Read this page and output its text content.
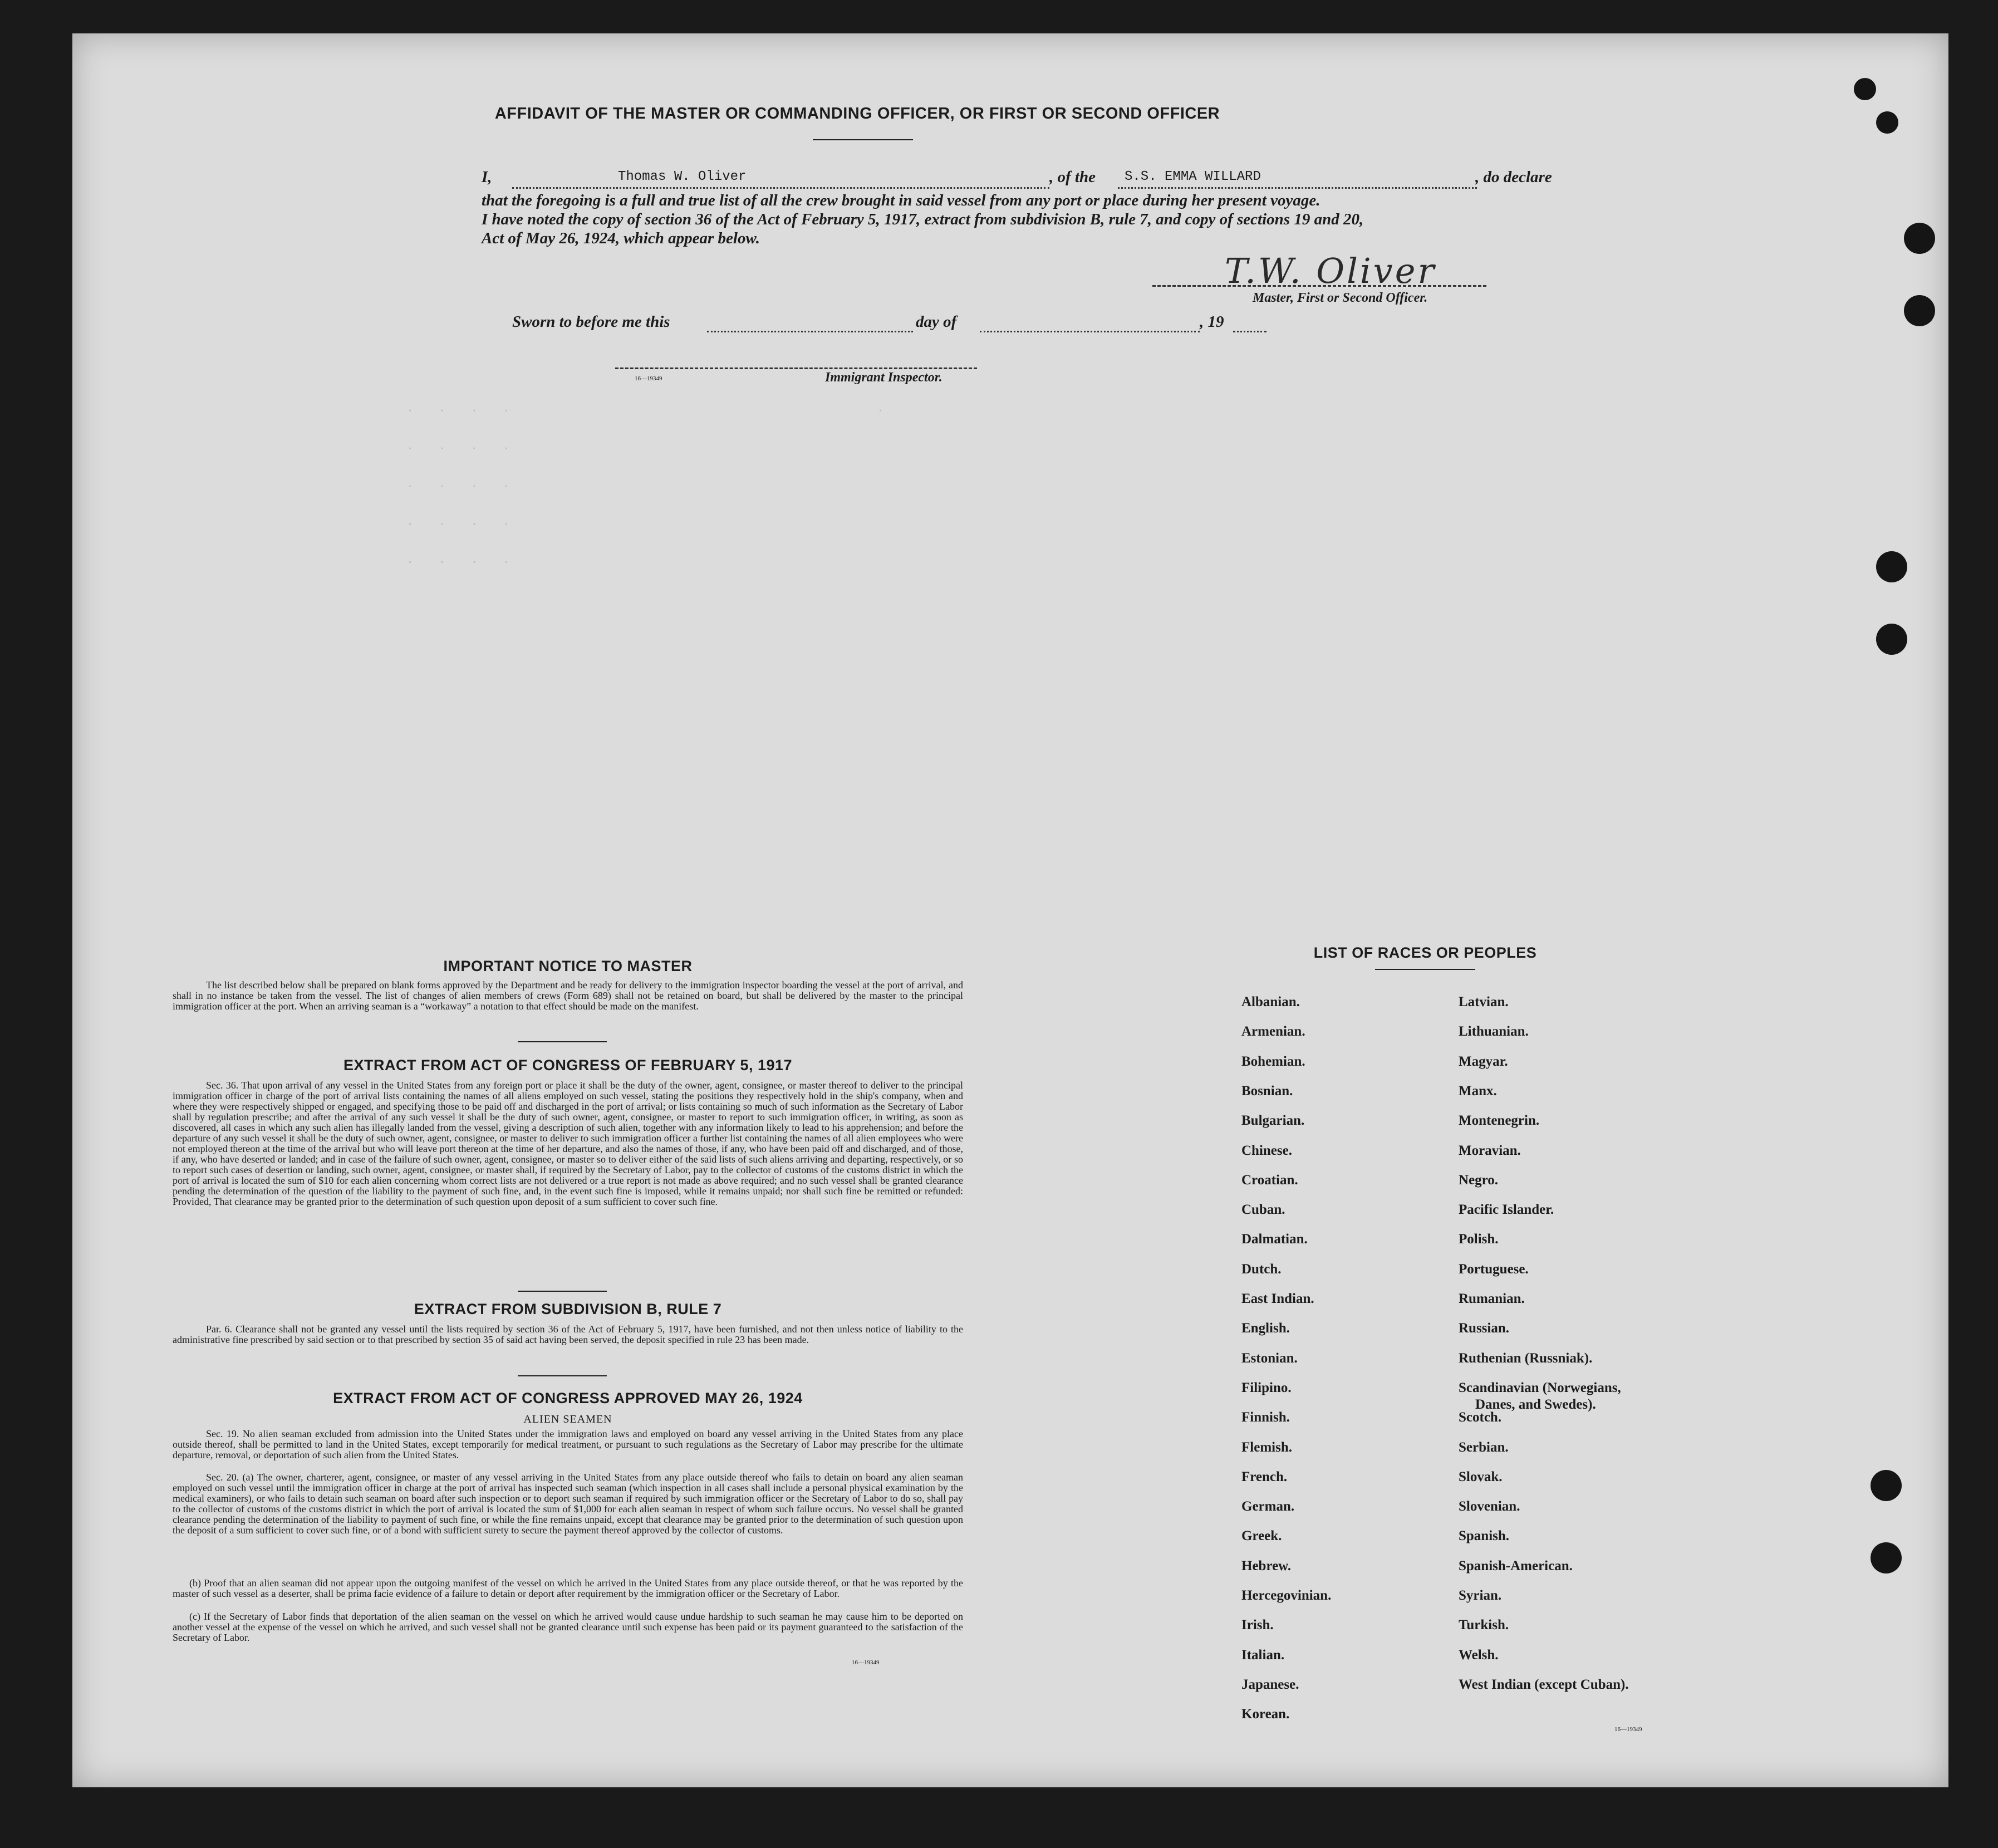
AFFIDAVIT OF THE MASTER OR COMMANDING OFFICER, OR FIRST OR SECOND OFFICER
I,	Thomas W. Oliver	, of the S.S. EMMA WILLARD	, do declare
that the foregoing is a full and true list of all the crew brought in said vessel from any port or place during her present voyage.
I have noted the copy of section 36 of the Act of February 5, 1917, extract from subdivision B, rule 7, and copy of sections 19 and 20,
Act of May 26, 1924, which appear below.
T.W. Oliver
Master, First or Second Officer.
Sworn to before me this	day of	, 19
16—19349	Immigrant Inspector.
.  .  .  .                                  .
.  .  .  .
.  .  .  .
.  .  .  .
.  .  .  .
IMPORTANT NOTICE TO MASTER
The list described below shall be prepared on blank forms approved by the Department and be ready for delivery to the immigration inspector boarding the vessel at the port of arrival, and shall in no instance be taken from the vessel. The list of changes of alien members of crews (Form 689) shall not be retained on board, but shall be delivered by the master to the principal immigration officer at the port. When an arriving seaman is a “workaway” a notation to that effect should be made on the manifest.
EXTRACT FROM ACT OF CONGRESS OF FEBRUARY 5, 1917
Sec. 36. That upon arrival of any vessel in the United States from any foreign port or place it shall be the duty of the owner, agent, consignee, or master thereof to deliver to the principal immigration officer in charge of the port of arrival lists containing the names of all aliens employed on such vessel, stating the positions they respectively hold in the ship's company, when and where they were respectively shipped or engaged, and specifying those to be paid off and discharged in the port of arrival; or lists containing so much of such information as the Secretary of Labor shall by regulation prescribe; and after the arrival of any such vessel it shall be the duty of such owner, agent, consignee, or master to report to such immigration officer, in writing, as soon as discovered, all cases in which any such alien has illegally landed from the vessel, giving a description of such alien, together with any information likely to lead to his apprehension; and before the departure of any such vessel it shall be the duty of such owner, agent, consignee, or master to deliver to such immigration officer a further list containing the names of all alien employees who were not employed thereon at the time of the arrival but who will leave port thereon at the time of her departure, and also the names of those, if any, who have been paid off and discharged, and of those, if any, who have deserted or landed; and in case of the failure of such owner, agent, consignee, or master so to deliver either of the said lists of such aliens arriving and departing, respectively, or so to report such cases of desertion or landing, such owner, agent, consignee, or master shall, if required by the Secretary of Labor, pay to the collector of customs of the customs district in which the port of arrival is located the sum of $10 for each alien concerning whom correct lists are not delivered or a true report is not made as above required; and no such vessel shall be granted clearance pending the determination of the question of the liability to the payment of such fine, and, in the event such fine is imposed, while it remains unpaid; nor shall such fine be remitted or refunded: Provided, That clearance may be granted prior to the determination of such question upon deposit of a sum sufficient to cover such fine.
EXTRACT FROM SUBDIVISION B, RULE 7
Par. 6. Clearance shall not be granted any vessel until the lists required by section 36 of the Act of February 5, 1917, have been furnished, and not then unless notice of liability to the administrative fine prescribed by said section or to that prescribed by section 35 of said act having been served, the deposit specified in rule 23 has been made.
EXTRACT FROM ACT OF CONGRESS APPROVED MAY 26, 1924
ALIEN SEAMEN
Sec. 19. No alien seaman excluded from admission into the United States under the immigration laws and employed on board any vessel arriving in the United States from any place outside thereof, shall be permitted to land in the United States, except temporarily for medical treatment, or pursuant to such regulations as the Secretary of Labor may prescribe for the ultimate departure, removal, or deportation of such alien from the United States.
Sec. 20. (a) The owner, charterer, agent, consignee, or master of any vessel arriving in the United States from any place outside thereof who fails to detain on board any alien seaman employed on such vessel until the immigration officer in charge at the port of arrival has inspected such seaman (which inspection in all cases shall include a personal physical examination by the medical examiners), or who fails to detain such seaman on board after such inspection or to deport such seaman if required by such immigration officer or the Secretary of Labor to do so, shall pay to the collector of customs of the customs district in which the port of arrival is located the sum of $1,000 for each alien seaman in respect of whom such failure occurs. No vessel shall be granted clearance pending the determination of the liability to payment of such fine, or while the fine remains unpaid, except that clearance may be granted prior to the determination of such question upon the deposit of a sum sufficient to cover such fine, or of a bond with sufficient surety to secure the payment thereof approved by the collector of customs.
(b) Proof that an alien seaman did not appear upon the outgoing manifest of the vessel on which he arrived in the United States from any place outside thereof, or that he was reported by the master of such vessel as a deserter, shall be prima facie evidence of a failure to detain or deport after requirement by the immigration officer or the Secretary of Labor.
(c) If the Secretary of Labor finds that deportation of the alien seaman on the vessel on which he arrived would cause undue hardship to such seaman he may cause him to be deported on another vessel at the expense of the vessel on which he arrived, and such vessel shall not be granted clearance until such expense has been paid or its payment guaranteed to the satisfaction of the Secretary of Labor.
16—19349
LIST OF RACES OR PEOPLES
Albanian.
Armenian.
Bohemian.
Bosnian.
Bulgarian.
Chinese.
Croatian.
Cuban.
Dalmatian.
Dutch.
East Indian.
English.
Estonian.
Filipino.
Finnish.
Flemish.
French.
German.
Greek.
Hebrew.
Hercegovinian.
Irish.
Italian.
Japanese.
Korean.
Latvian.
Lithuanian.
Magyar.
Manx.
Montenegrin.
Moravian.
Negro.
Pacific Islander.
Polish.
Portuguese.
Rumanian.
Russian.
Ruthenian (Russniak).
Scandinavian (Norwegians,
Danes, and Swedes).
Scotch.
Serbian.
Slovak.
Slovenian.
Spanish.
Spanish-American.
Syrian.
Turkish.
Welsh.
West Indian (except Cuban).
16—19349
